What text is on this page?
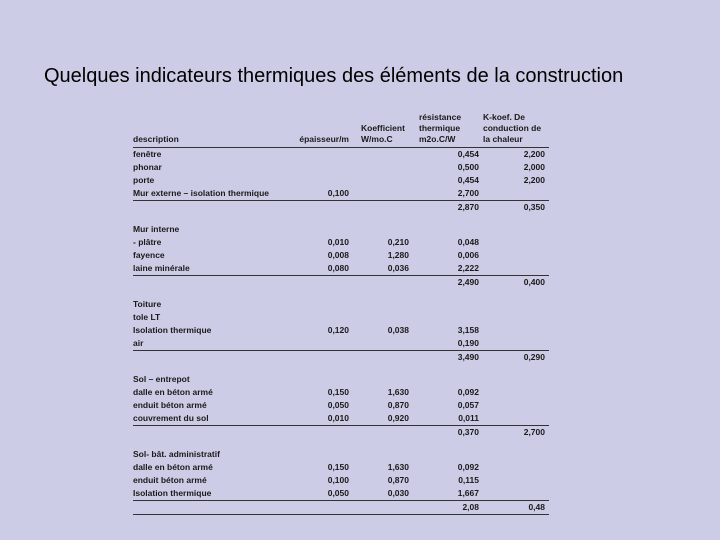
Quelques indicateurs thermiques des éléments de la construction
description	épaisseur/m	Koefficient W/mo.C	résistance thermique m2o.C/W	K-koef. De conduction de la chaleur
fenêtre			0,454	2,200
phonar			0,500	2,000
porte			0,454	2,200
Mur externe – isolation thermique	0,100		2,700	
			2,870	0,350

Mur interne				
- plâtre	0,010	0,210	0,048	
fayence	0,008	1,280	0,006	
laine minérale	0,080	0,036	2,222	
			2,490	0,400

Toiture				
tole LT				
Isolation thermique	0,120	0,038	3,158	
air			0,190	
			3,490	0,290

Sol – entrepot				
dalle en béton armé	0,150	1,630	0,092	
enduit béton armé	0,050	0,870	0,057	
couvrement du sol	0,010	0,920	0,011	
			0,370	2,700

Sol- bât. administratif				
dalle en béton armé	0,150	1,630	0,092	
enduit béton armé	0,100	0,870	0,115	
Isolation thermique	0,050	0,030	1,667	
			2,08	0,48
